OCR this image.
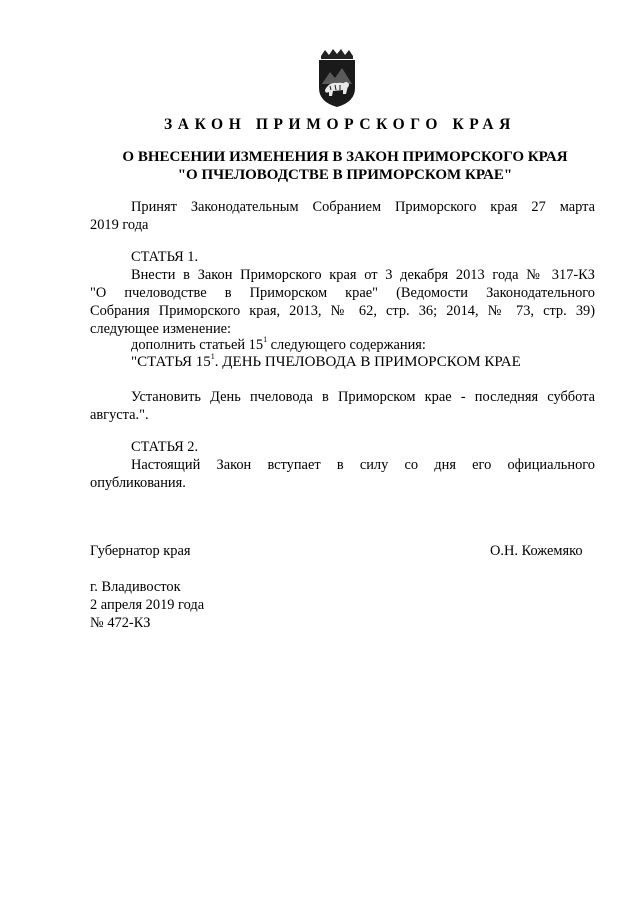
ЗАКОН ПРИМОРСКОГО КРАЯ
О ВНЕСЕНИИ ИЗМЕНЕНИЯ В ЗАКОН ПРИМОРСКОГО КРАЯ
"О ПЧЕЛОВОДСТВЕ В ПРИМОРСКОМ КРАЕ"
Принят Законодательным Собранием Приморского края 27 марта
2019 года
СТАТЬЯ 1.
Внести в Закон Приморского края от 3 декабря 2013 года № 317-КЗ
"О пчеловодстве в Приморском крае" (Ведомости Законодательного
Собрания Приморского края, 2013, № 62, стр. 36; 2014, № 73, стр. 39)
следующее изменение:
дополнить статьей $15^1$ следующего содержания:
"СТАТЬЯ $15^1$. ДЕНЬ ПЧЕЛОВОДА В ПРИМОРСКОМ КРАЕ
Установить День пчеловода в Приморском крае - последняя суббота
августа.".
СТАТЬЯ 2.
Настоящий Закон вступает в силу со дня его официального
опубликования.
Губернатор края	О.Н. Кожемяко
г. Владивосток
2 апреля 2019 года
№ 472-КЗ
